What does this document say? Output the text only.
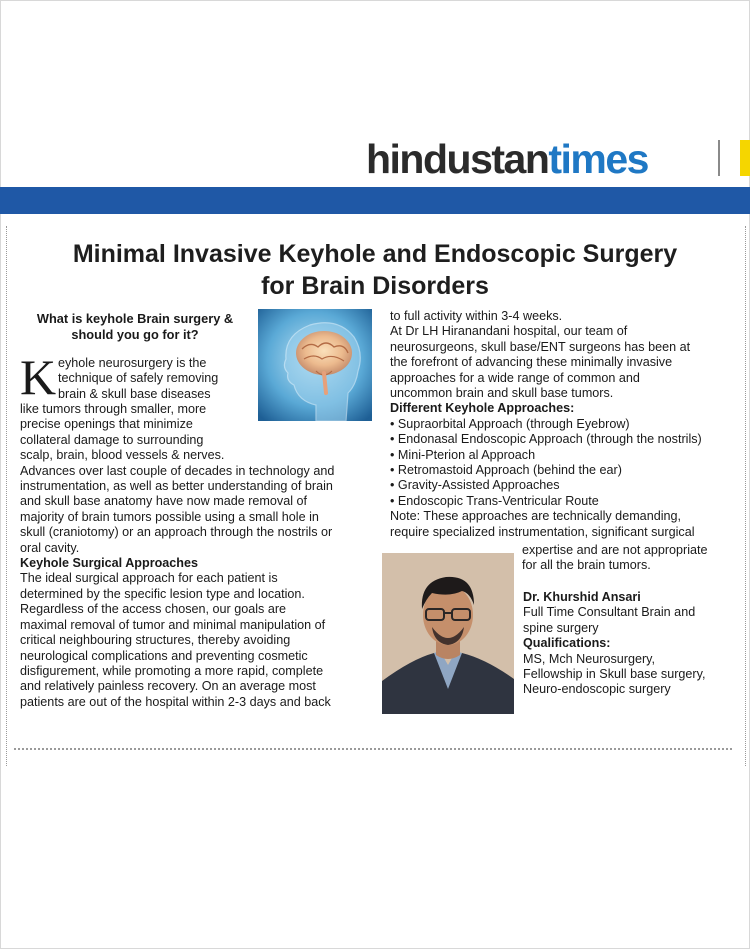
hindustan times
Minimal Invasive Keyhole and Endoscopic Surgery
for Brain Disorders
What is keyhole Brain surgery &
should you go for it?
K eyhole neurosurgery is the

technique of safely removing

brain & skull base diseases

like tumors through smaller, more

precise openings that minimize

collateral damage to surrounding

scalp, brain, blood vessels & nerves.

Advances over last couple of decades in technology and

instrumentation, as well as better understanding of brain

and skull base anatomy have now made removal of

majority of brain tumors possible using a small hole in

skull (craniotomy) or an approach through the nostrils or

oral cavity.

Keyhole Surgical Approaches

The ideal surgical approach for each patient is

determined by the specific lesion type and location.

Regardless of the access chosen, our goals are

maximal removal of tumor and minimal manipulation of

critical neighbouring structures, thereby avoiding

neurological complications and preventing cosmetic

disfigurement, while promoting a more rapid, complete

and relatively painless recovery. On an average most

patients are out of the hospital within 2-3 days and back

to full activity within 3-4 weeks.

At Dr LH Hiranandani hospital, our team of

neurosurgeons, skull base/ENT surgeons has been at

the forefront of advancing these minimally invasive

approaches for a wide range of common and

uncommon brain and skull base tumors.

Different Keyhole Approaches:

• Supraorbital Approach (through Eyebrow)

• Endonasal Endoscopic Approach (through the nostrils)

• Mini-Pterion al Approach

• Retromastoid Approach (behind the ear)

• Gravity-Assisted Approaches

• Endoscopic Trans-Ventricular Route

Note: These approaches are technically demanding,

require specialized instrumentation, significant surgical

expertise and are not appropriate

for all the brain tumors.

Dr. Khurshid Ansari

Full Time Consultant Brain and

spine surgery

Qualifications:

MS, Mch Neurosurgery,

Fellowship in Skull base surgery,

Neuro-endoscopic surgery
